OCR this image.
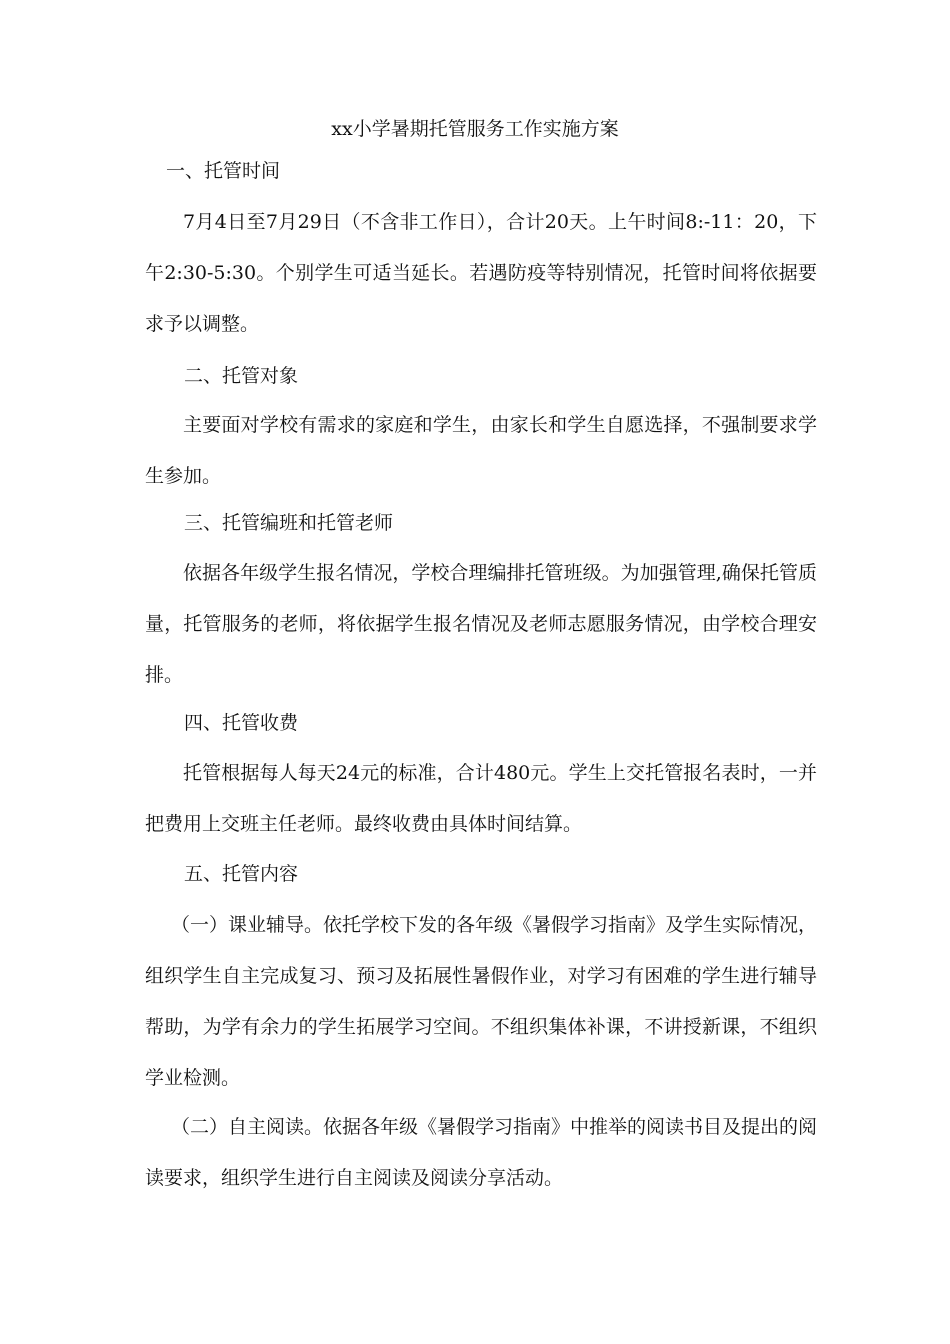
xx小学暑期托管服务工作实施方案
一、托管时间
7月4日至7月29日（不含非工作日），合计20天。上午时间8:-11：20，下午2:30-5:30。个别学生可适当延长。若遇防疫等特别情况，托管时间将依据要求予以调整。
二、托管对象
主要面对学校有需求的家庭和学生，由家长和学生自愿选择，不强制要求学生参加。
三、托管编班和托管老师
依据各年级学生报名情况，学校合理编排托管班级。为加强管理,确保托管质量，托管服务的老师，将依据学生报名情况及老师志愿服务情况，由学校合理安排。
四、托管收费
托管根据每人每天24元的标准，合计480元。学生上交托管报名表时，一并把费用上交班主任老师。最终收费由具体时间结算。
五、托管内容
（一）课业辅导。依托学校下发的各年级《暑假学习指南》及学生实际情况，组织学生自主完成复习、预习及拓展性暑假作业，对学习有困难的学生进行辅导帮助，为学有余力的学生拓展学习空间。不组织集体补课，不讲授新课，不组织学业检测。
（二）自主阅读。依据各年级《暑假学习指南》中推举的阅读书目及提出的阅读要求，组织学生进行自主阅读及阅读分享活动。
